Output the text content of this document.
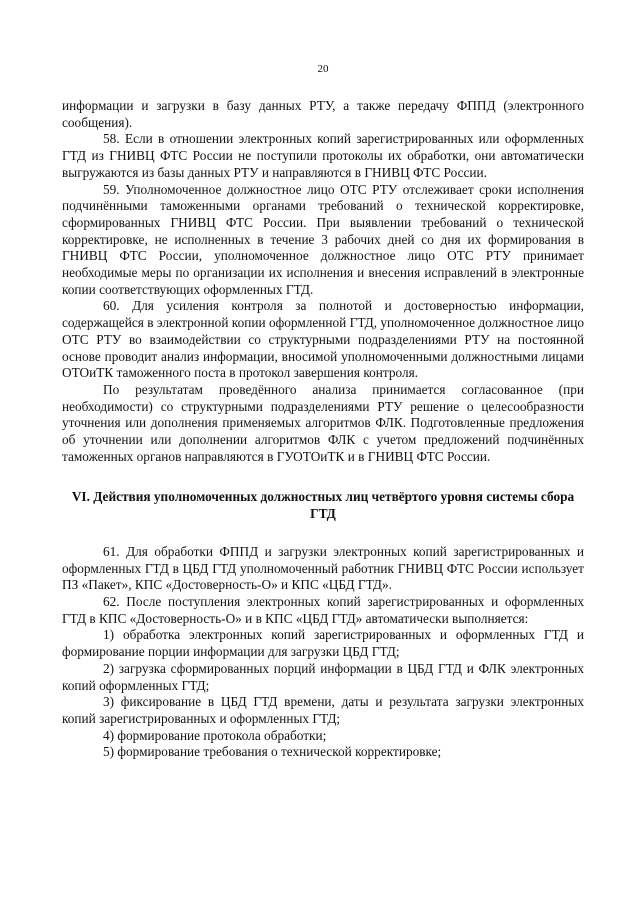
20

информации и загрузки в базу данных РТУ, а также передачу ФППД (электронного сообщения).

58. Если в отношении электронных копий зарегистрированных или оформленных ГТД из ГНИВЦ ФТС России не поступили протоколы их обработки, они автоматически выгружаются из базы данных РТУ и направляются в ГНИВЦ ФТС России.

59. Уполномоченное должностное лицо ОТС РТУ отслеживает сроки исполнения подчинёнными таможенными органами требований о технической корректировке, сформированных ГНИВЦ ФТС России. При выявлении требований о технической корректировке, не исполненных в течение 3 рабочих дней со дня их формирования в ГНИВЦ ФТС России, уполномоченное должностное лицо ОТС РТУ принимает необходимые меры по организации их исполнения и внесения исправлений в электронные копии соответствующих оформленных ГТД.

60. Для усиления контроля за полнотой и достоверностью информации, содержащейся в электронной копии оформленной ГТД, уполномоченное должностное лицо ОТС РТУ во взаимодействии со структурными подразделениями РТУ на постоянной основе проводит анализ информации, вносимой уполномоченными должностными лицами ОТОиТК таможенного поста в протокол завершения контроля.

По результатам проведённого анализа принимается согласованное (при необходимости) со структурными подразделениями РТУ решение о целесообразности уточнения или дополнения применяемых алгоритмов ФЛК. Подготовленные предложения об уточнении или дополнении алгоритмов ФЛК с учетом предложений подчинённых таможенных органов направляются в ГУОТОиТК и в ГНИВЦ ФТС России.

VI. Действия уполномоченных должностных лиц четвёртого уровня системы сбора ГТД

61. Для обработки ФППД и загрузки электронных копий зарегистрированных и оформленных ГТД в ЦБД ГТД уполномоченный работник ГНИВЦ ФТС России использует ПЗ «Пакет», КПС «Достоверность-О» и КПС «ЦБД ГТД».

62. После поступления электронных копий зарегистрированных и оформленных ГТД в КПС «Достоверность-О» и в КПС «ЦБД ГТД» автоматически выполняется:

1) обработка электронных копий зарегистрированных и оформленных ГТД и формирование порции информации для загрузки ЦБД ГТД;

2) загрузка сформированных порций информации в ЦБД ГТД и ФЛК электронных копий оформленных ГТД;

3) фиксирование в ЦБД ГТД времени, даты и результата загрузки электронных копий зарегистрированных и оформленных ГТД;

4) формирование протокола обработки;

5) формирование требования о технической корректировке;
